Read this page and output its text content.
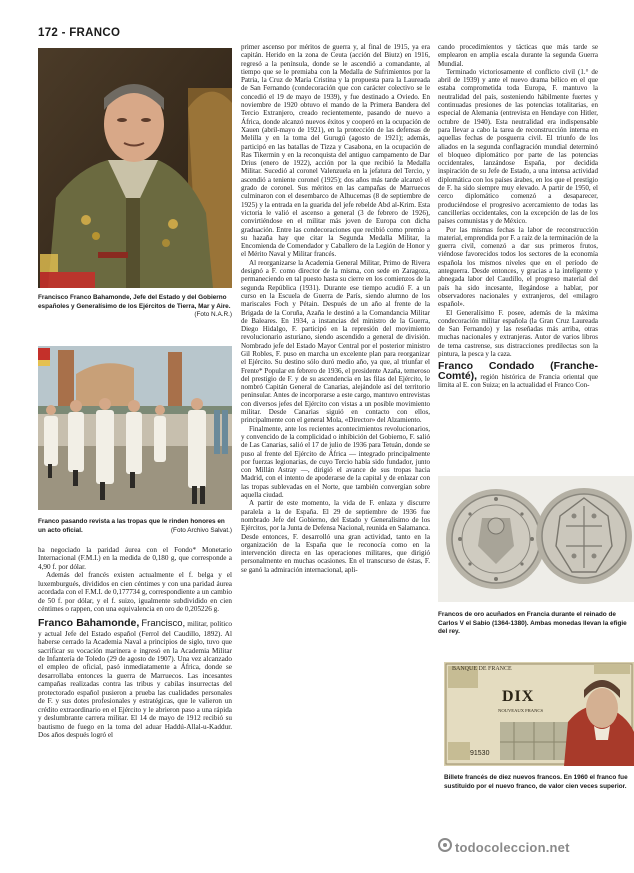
172 - FRANCO
Francisco Franco Bahamonde, Jefe del Estado y del Gobierno españoles y Generalísimo de los Ejércitos de Tierra, Mar y Aire.
(Foto N.A.R.)
Franco pasando revista a las tropas que le rinden honores en un acto oficial.	(Foto Archivo Salvat.)

ha negociado la paridad áurea con el Fondo* Monetario Internacional (F.M.I.) en la medida de 0,180 g, que corresponde a 4,90 f. por dólar.

Además del francés existen actualmente el f. belga y el luxemburgués, divididos en cien céntimes y con una paridad áurea acordada con el F.M.I. de 0,177734 g, correspondiente a un cambio de 50 f. por dólar, y el f. suizo, igualmente subdividido en cien céntimes o rappen, con una equivalencia en oro de 0,205226 g.

Franco Bahamonde, Francisco, militar, político y actual Jefe del Estado español (Ferrol del Caudillo, 1892). Al haberse cerrado la Academia Naval a principios de siglo, tuvo que sacrificar su vocación marinera e ingresó en la Academia Militar de Infantería de Toledo (29 de agosto de 1907). Una vez alcanzado el empleo de oficial, pasó inmediatamente a África, donde se desarrollaba entonces la guerra de Marruecos. Las incesantes campañas realizadas contra las tribus y cabilas insurrectas del protectorado español pusieron a prueba las cualidades personales de F. y sus dotes profesionales y estratégicas, que le valieron un crédito extraordinario en el Ejército y le abrieron paso a una rápida y deslumbrante carrera militar. El 14 de mayo de 1912 recibió su bautismo de fuego en la toma del aduar Haddú-Allal-u-Kaddur. Dos años después logró el

primer ascenso por méritos de guerra y, al final de 1915, ya era capitán. Herido en la zona de Ceuta (acción del Biutz) en 1916, regresó a la península, donde se le ascendió a comandante, al tiempo que se le premiaba con la Medalla de Sufrimientos por la Patria, la Cruz de María Cristina y la propuesta para la Laureada de San Fernando (condecoración que con carácter colectivo se le concedió el 19 de mayo de 1939), y fue destinado a Oviedo. En noviembre de 1920 obtuvo el mando de la Primera Bandera del Tercio Extranjero, creado recientemente, pasando de nuevo a África, donde alcanzó nuevos éxitos y cooperó en la ocupación de Xauen (abril-mayo de 1921), en la protección de las defensas de Melilla y en la toma del Gurugú (agosto de 1921); además, participó en las batallas de Tizza y Casabona, en la ocupación de Ras Tikermin y en la reconquista del antiguo campamento de Dar Drius (enero de 1922), acción por la que recibió la Medalla Militar. Sucedió al coronel Valenzuela en la jefatura del Tercio, y ascendió a teniente coronel (1925); dos años más tarde alcanzó el grado de coronel. Sus méritos en las campañas de Marruecos culminaron con el desembarco de Alhucemas (8 de septiembre de 1925) y la entrada en la guarida del jefe rebelde Abd al-Krim. Esta victoria le valió el ascenso a general (3 de febrero de 1926), convirtiéndose en el militar más joven de Europa con dicha graduación. Entre las condecoraciones que recibió como premio a su hazaña hay que citar la Segunda Medalla Militar, la Encomienda de Comendador y Caballero de la Legión de Honor y el Mérito Naval y Militar francés.

Al reorganizarse la Academia General Militar, Primo de Rivera designó a F. como director de la misma, con sede en Zaragoza, permaneciendo en tal puesto hasta su cierre en los comienzos de la segunda República (1931). Durante ese tiempo acudió F. a un curso en la Escuela de Guerra de París, siendo alumno de los mariscales Foch y Pétain. Después de un año al frente de la Brigada de la Coruña, Azaña le destinó a la Comandancia Militar de Baleares. En 1934, a instancias del ministro de la Guerra, Diego Hidalgo, F. participó en la represión del movimiento revolucionario asturiano, siendo ascendido a general de división. Nombrado jefe del Estado Mayor Central por el posterior ministro Gil Robles, F. puso en marcha un excelente plan para reorganizar el Ejército. Su destino sólo duró medio año, ya que, al triunfar el Frente* Popular en febrero de 1936, el presidente Azaña, temeroso del prestigio de F. y de su ascendencia en las filas del Ejército, le nombró Capitán General de Canarias, alejándole así del territorio peninsular. Antes de incorporarse a este cargo, mantuvo entrevistas con diversos jefes del Ejército con vistas a un posible movimiento militar. Desde Canarias siguió en contacto con ellos, principalmente con el general Mola, «Director» del Alzamiento.

Finalmente, ante los recientes acontecimientos revolucionarios, y convencido de la complicidad o inhibición del Gobierno, F. salió de Las Canarias, salió el 17 de julio de 1936 para Tetuán, donde se puso al frente del Ejército de África — integrado principalmente por fuerzas legionarias, de cuyo Tercio había sido fundador, junto con Millán Astray —, dirigió el avance de sus tropas hacia Madrid, con el intento de apoderarse de la capital y de enlazar con las tropas sublevadas en el Norte, que también convergían sobre aquella ciudad.

A partir de este momento, la vida de F. enlaza y discurre paralela a la de España. El 29 de septiembre de 1936 fue nombrado Jefe del Gobierno, del Estado y Generalísimo de los Ejércitos, por la Junta de Defensa Nacional, reunida en Salamanca. Desde entonces, F. desarrolló una gran actividad, tanto en la organización de la España que le reconocía como en la intervención directa en las operaciones militares, que dirigió personalmente en muchas ocasiones. En el transcurso de éstas, F. se ganó la admiración internacional, apli-

cando procedimientos y tácticas que más tarde se emplearon en amplia escala durante la segunda Guerra Mundial.

Terminado victoriosamente el conflicto civil (1.° de abril de 1939) y ante el nuevo drama bélico en el que estaba comprometida toda Europa, F. mantuvo la neutralidad del país, sosteniendo hábilmente fuertes y continuadas presiones de las potencias totalitarias, en especial de Alemania (entrevista en Hendaye con Hitler, octubre de 1940). Esta neutralidad era indispensable para llevar a cabo la tarea de reconstrucción interna en aquellas fechas de posguerra civil. El triunfo de los aliados en la segunda conflagración mundial determinó el bloqueo diplomático por parte de las potencias occidentales, lanzándose España, por decidida inspiración de su Jefe de Estado, a una intensa actividad diplomática con los países árabes, en los que el prestigio de F. ha sido siempre muy elevado. A partir de 1950, el cerco diplomático comenzó a desaparecer, produciéndose el progresivo acercamiento de todas las cancillerías occidentales, con la excepción de las de los países comunistas y de México.

Por las mismas fechas la labor de reconstrucción material, emprendida por F. a raíz de la terminación de la guerra civil, comenzó a dar sus primeros frutos, viéndose favorecidos todos los sectores de la economía española los mismos niveles que en el período de anteguerra. Desde entonces, y gracias a la inteligente y abnegada labor del Caudillo, el progreso material del país ha sido incesante, llegándose a hablar, por observadores nacionales y extranjeros, del «milagro español».

El Generalísimo F. posee, además de la máxima condecoración militar española (la Gran Cruz Laureada de San Fernando) y las reseñadas más arriba, otras muchas nacionales y extranjeras. Autor de varios libros de tema castrense, sus distracciones predilectas son la pintura, la pesca y la caza.

Franco Condado (Franche-Comté), región histórica de Francia oriental que limita al E. con Suiza; en la actualidad el Franco Con-
Francos de oro acuñados en Francia durante el reinado de Carlos V el Sabio (1364-1380). Ambas monedas llevan la efigie del rey.
BANQUE DE FRANCE
DIX
NOUVEAUX FRANCS
91530
Billete francés de diez nuevos francos. En 1960 el franco fue sustituido por el nuevo franco, de valor cien veces superior.
todocoleccion.net
